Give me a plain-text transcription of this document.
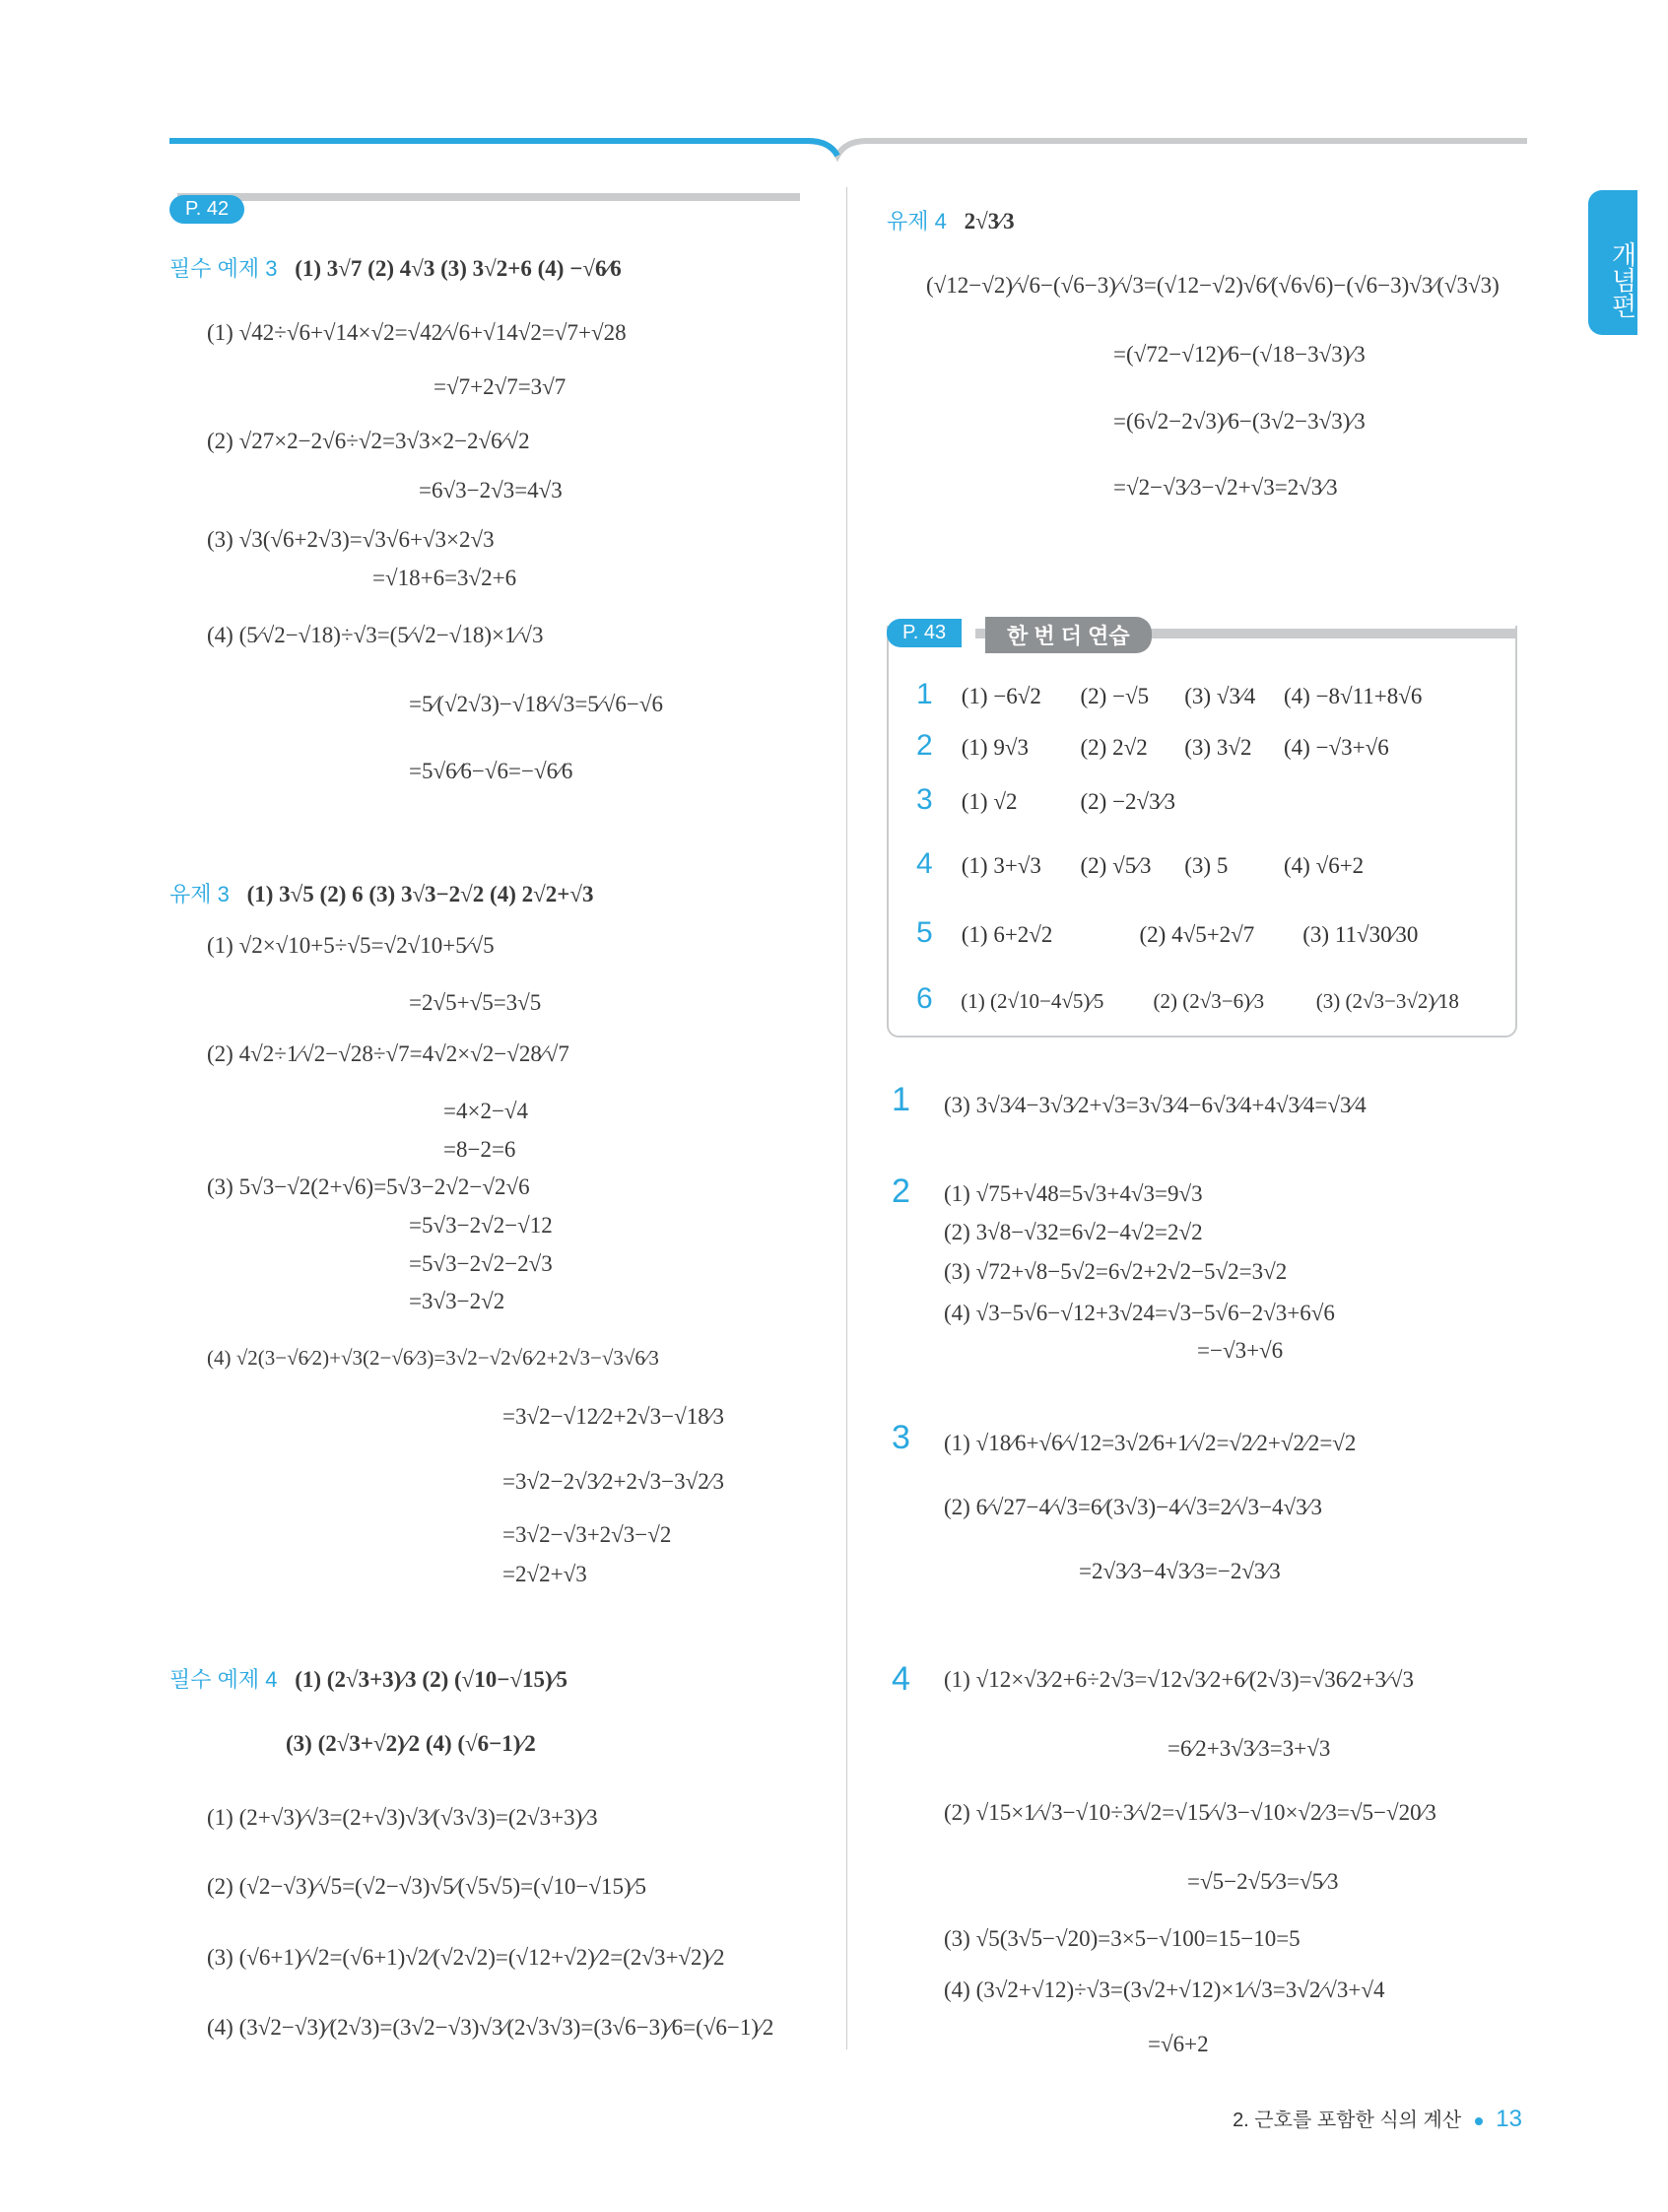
개념편
P. 42
필수 예제 3 (1) 3√7 (2) 4√3 (3) 3√2+6 (4) −√6⁄6
(1) √42÷√6+√14×√2=√42⁄√6+√14√2=√7+√28
=√7+2√7=3√7
(2) √27×2−2√6÷√2=3√3×2−2√6⁄√2
=6√3−2√3=4√3
(3) √3(√6+2√3)=√3√6+√3×2√3
=√18+6=3√2+6
(4) (5⁄√2−√18)÷√3=(5⁄√2−√18)×1⁄√3
=5⁄(√2√3)−√18⁄√3=5⁄√6−√6
=5√6⁄6−√6=−√6⁄6
유제 3 (1) 3√5 (2) 6 (3) 3√3−2√2 (4) 2√2+√3
(1) √2×√10+5÷√5=√2√10+5⁄√5
=2√5+√5=3√5
(2) 4√2÷1⁄√2−√28÷√7=4√2×√2−√28⁄√7
=4×2−√4
=8−2=6
(3) 5√3−√2(2+√6)=5√3−2√2−√2√6
=5√3−2√2−√12
=5√3−2√2−2√3
=3√3−2√2
(4) √2(3−√6⁄2)+√3(2−√6⁄3)=3√2−√2√6⁄2+2√3−√3√6⁄3
=3√2−√12⁄2+2√3−√18⁄3
=3√2−2√3⁄2+2√3−3√2⁄3
=3√2−√3+2√3−√2
=2√2+√3
필수 예제 4 (1) (2√3+3)⁄3 (2) (√10−√15)⁄5
(3) (2√3+√2)⁄2 (4) (√6−1)⁄2
(1) (2+√3)⁄√3=(2+√3)√3⁄(√3√3)=(2√3+3)⁄3
(2) (√2−√3)⁄√5=(√2−√3)√5⁄(√5√5)=(√10−√15)⁄5
(3) (√6+1)⁄√2=(√6+1)√2⁄(√2√2)=(√12+√2)⁄2=(2√3+√2)⁄2
(4) (3√2−√3)⁄(2√3)=(3√2−√3)√3⁄(2√3√3)=(3√6−3)⁄6=(√6−1)⁄2
유제 4 2√3⁄3
(√12−√2)⁄√6−(√6−3)⁄√3=(√12−√2)√6⁄(√6√6)−(√6−3)√3⁄(√3√3)
=(√72−√12)⁄6−(√18−3√3)⁄3
=(6√2−2√3)⁄6−(3√2−3√3)⁄3
=√2−√3⁄3−√2+√3=2√3⁄3
P. 43	한 번 더 연습
1 (1) −6√2 (2) −√5 (3) √3⁄4 (4) −8√11+8√6
2 (1) 9√3 (2) 2√2 (3) 3√2 (4) −√3+√6
3 (1) √2	(2) −2√3⁄3
4 (1) 3+√3 (2) √5⁄3 (3) 5 (4) √6+2
5 (1) 6+2√2	(2) 4√5+2√7 (3) 11√30⁄30
6 (1) (2√10−4√5)⁄5 (2) (2√3−6)⁄3	(3) (2√3−3√2)⁄18
1 (3) 3√3⁄4−3√3⁄2+√3=3√3⁄4−6√3⁄4+4√3⁄4=√3⁄4
2 (1) √75+√48=5√3+4√3=9√3
(2) 3√8−√32=6√2−4√2=2√2
(3) √72+√8−5√2=6√2+2√2−5√2=3√2
(4) √3−5√6−√12+3√24=√3−5√6−2√3+6√6
=−√3+√6
3 (1) √18⁄6+√6⁄√12=3√2⁄6+1⁄√2=√2⁄2+√2⁄2=√2
(2) 6⁄√27−4⁄√3=6⁄(3√3)−4⁄√3=2⁄√3−4√3⁄3
=2√3⁄3−4√3⁄3=−2√3⁄3
4 (1) √12×√3⁄2+6÷2√3=√12√3⁄2+6⁄(2√3)=√36⁄2+3⁄√3
=6⁄2+3√3⁄3=3+√3
(2) √15×1⁄√3−√10÷3⁄√2=√15⁄√3−√10×√2⁄3=√5−√20⁄3
=√5−2√5⁄3=√5⁄3
(3) √5(3√5−√20)=3×5−√100=15−10=5
(4) (3√2+√12)÷√3=(3√2+√12)×1⁄√3=3√2⁄√3+√4
=√6+2
2. 근호를 포함한 식의 계산 13
